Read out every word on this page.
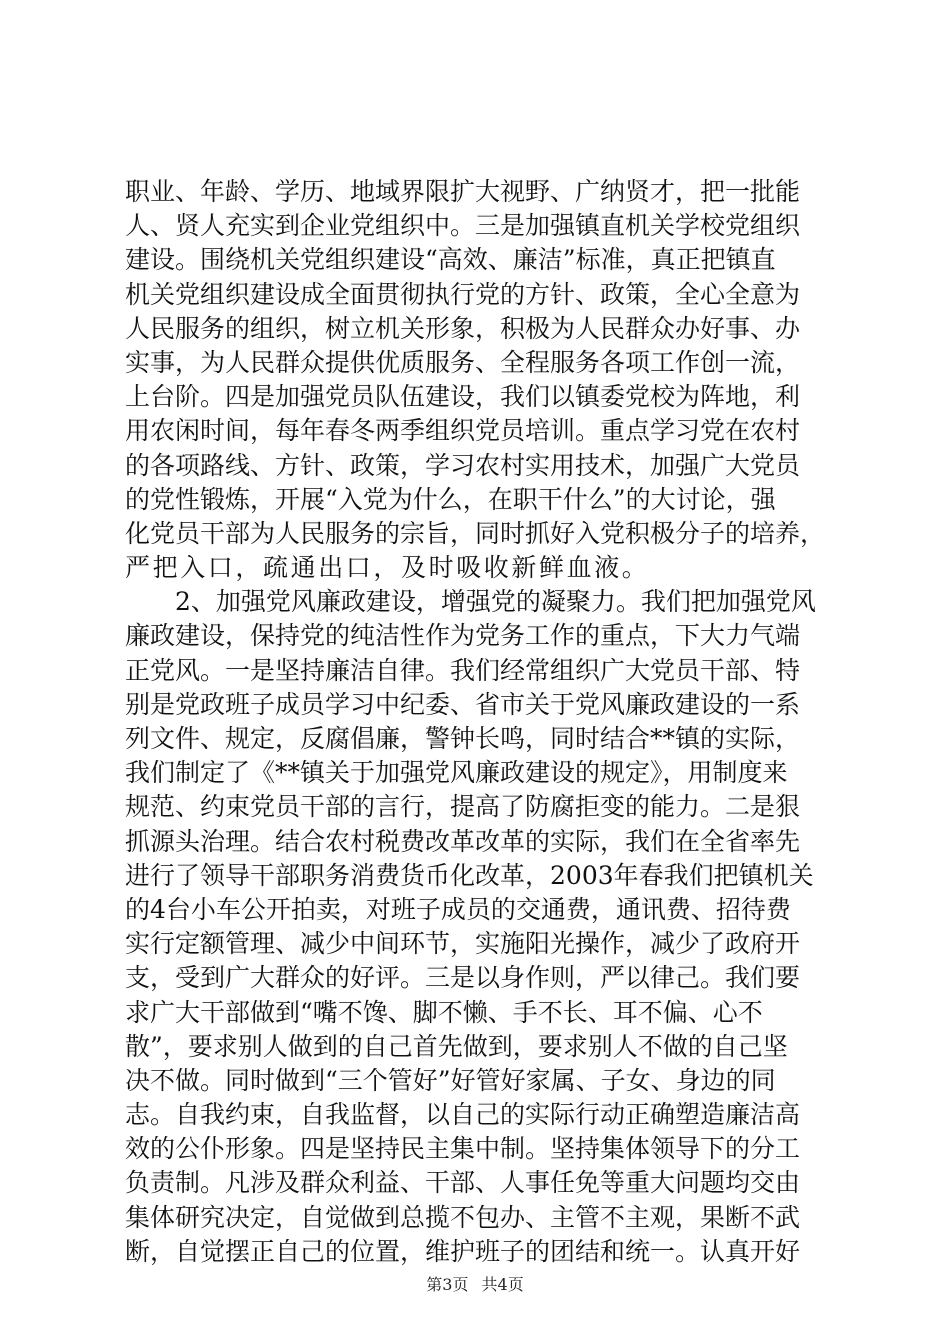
职业、年龄、学历、地域界限扩大视野、广纳贤才，把一批能
人、贤人充实到企业党组织中。三是加强镇直机关学校党组织
建设。围绕机关党组织建设“高效、廉洁”标准，真正把镇直
机关党组织建设成全面贯彻执行党的方针、政策，全心全意为
人民服务的组织，树立机关形象，积极为人民群众办好事、办
实事，为人民群众提供优质服务、全程服务各项工作创一流，
上台阶。四是加强党员队伍建设，我们以镇委党校为阵地，利
用农闲时间，每年春冬两季组织党员培训。重点学习党在农村
的各项路线、方针、政策，学习农村实用技术，加强广大党员
的党性锻炼，开展“入党为什么，在职干什么”的大讨论，强
化党员干部为人民服务的宗旨，同时抓好入党积极分子的培养，
严把入口，疏通出口，及时吸收新鲜血液。
　　2、加强党风廉政建设，增强党的凝聚力。我们把加强党风
廉政建设，保持党的纯洁性作为党务工作的重点，下大力气端
正党风。一是坚持廉洁自律。我们经常组织广大党员干部、特
别是党政班子成员学习中纪委、省市关于党风廉政建设的一系
列文件、规定，反腐倡廉，警钟长鸣，同时结合**镇的实际，
我们制定了《**镇关于加强党风廉政建设的规定》，用制度来
规范、约束党员干部的言行，提高了防腐拒变的能力。二是狠
抓源头治理。结合农村税费改革改革的实际，我们在全省率先
进行了领导干部职务消费货币化改革，2003年春我们把镇机关
的4台小车公开拍卖，对班子成员的交通费，通讯费、招待费
实行定额管理、减少中间环节，实施阳光操作，减少了政府开
支，受到广大群众的好评。三是以身作则，严以律己。我们要
求广大干部做到“嘴不馋、脚不懒、手不长、耳不偏、心不
散”，要求别人做到的自己首先做到，要求别人不做的自己坚
决不做。同时做到“三个管好”好管好家属、子女、身边的同
志。自我约束，自我监督，以自己的实际行动正确塑造廉洁高
效的公仆形象。四是坚持民主集中制。坚持集体领导下的分工
负责制。凡涉及群众利益、干部、人事任免等重大问题均交由
集体研究决定，自觉做到总揽不包办、主管不主观，果断不武
断，自觉摆正自己的位置，维护班子的团结和统一。认真开好
第3页 共4页
